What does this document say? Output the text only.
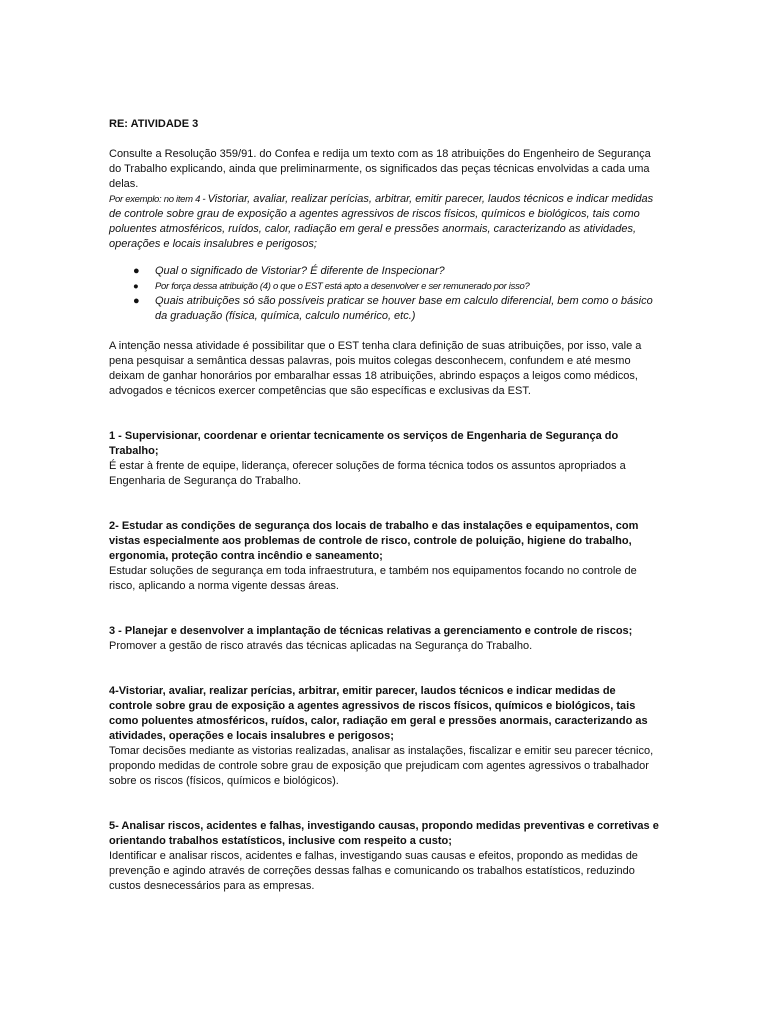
RE: ATIVIDADE 3

Consulte a Resolução 359/91. do Confea e redija um texto com as 18 atribuições do Engenheiro de Segurança do Trabalho explicando, ainda que preliminarmente, os significados das peças técnicas envolvidas a cada uma delas.

Por exemplo: no item 4 - Vistoriar, avaliar, realizar perícias, arbitrar, emitir parecer, laudos técnicos e indicar medidas de controle sobre grau de exposição a agentes agressivos de riscos físicos, químicos e biológicos, tais como poluentes atmosféricos, ruídos, calor, radiação em geral e pressões anormais, caracterizando as atividades, operações e locais insalubres e perigosos;

● Qual o significado de Vistoriar? É diferente de Inspecionar?
● Por força dessa atribuição (4) o que o EST está apto a desenvolver e ser remunerado por isso?
● Quais atribuições só são possíveis praticar se houver base em calculo diferencial, bem como o básico da graduação (física, química, calculo numérico, etc.)

A intenção nessa atividade é possibilitar que o EST tenha clara definição de suas atribuições, por isso, vale a pena pesquisar a semântica dessas palavras, pois muitos colegas desconhecem, confundem e até mesmo deixam de ganhar honorários por embaralhar essas 18 atribuições, abrindo espaços a leigos como médicos, advogados e técnicos exercer competências que são específicas e exclusivas da EST.

1 - Supervisionar, coordenar e orientar tecnicamente os serviços de Engenharia de Segurança do Trabalho;

É estar à frente de equipe, liderança, oferecer soluções de forma técnica todos os assuntos apropriados a Engenharia de Segurança do Trabalho.

2- Estudar as condições de segurança dos locais de trabalho e das instalações e equipamentos, com vistas especialmente aos problemas de controle de risco, controle de poluição, higiene do trabalho, ergonomia, proteção contra incêndio e saneamento;

Estudar soluções de segurança em toda infraestrutura, e também nos equipamentos focando no controle de risco, aplicando a norma vigente dessas áreas.

3 - Planejar e desenvolver a implantação de técnicas relativas a gerenciamento e controle de riscos;

Promover a gestão de risco através das técnicas aplicadas na Segurança do Trabalho.

4-Vistoriar, avaliar, realizar perícias, arbitrar, emitir parecer, laudos técnicos e indicar medidas de controle sobre grau de exposição a agentes agressivos de riscos físicos, químicos e biológicos, tais como poluentes atmosféricos, ruídos, calor, radiação em geral e pressões anormais, caracterizando as atividades, operações e locais insalubres e perigosos;

Tomar decisões mediante as vistorias realizadas, analisar as instalações, fiscalizar e emitir seu parecer técnico, propondo medidas de controle sobre grau de exposição que prejudicam com agentes agressivos o trabalhador sobre os riscos (físicos, químicos e biológicos).

5- Analisar riscos, acidentes e falhas, investigando causas, propondo medidas preventivas e corretivas e orientando trabalhos estatísticos, inclusive com respeito a custo;

Identificar e analisar riscos, acidentes e falhas, investigando suas causas e efeitos, propondo as medidas de prevenção e agindo através de correções dessas falhas e comunicando os trabalhos estatísticos, reduzindo custos desnecessários para as empresas.
